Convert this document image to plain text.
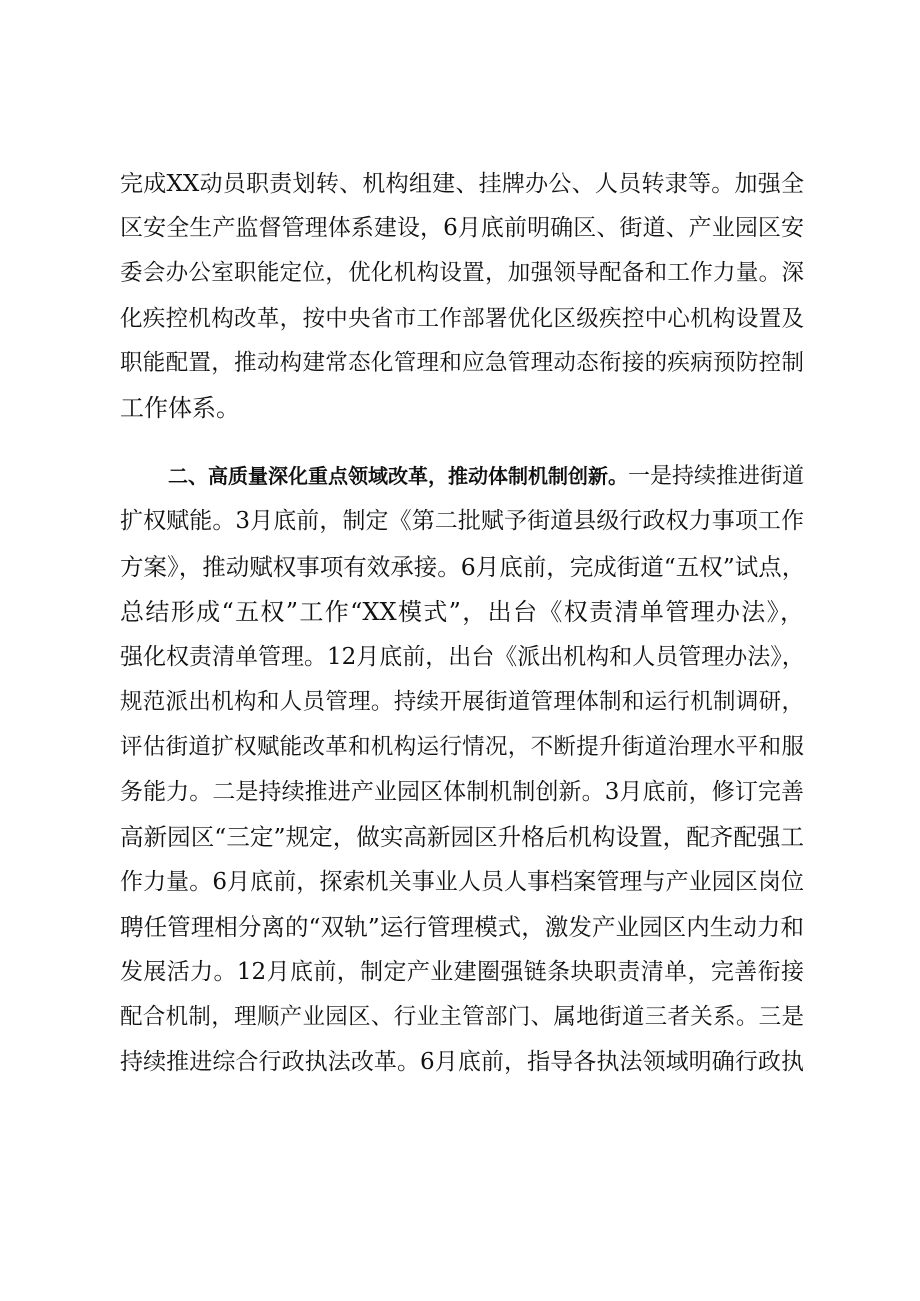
完成XX动员职责划转、机构组建、挂牌办公、人员转隶等。加强全
区安全生产监督管理体系建设，6月底前明确区、街道、产业园区安
委会办公室职能定位，优化机构设置，加强领导配备和工作力量。深
化疾控机构改革，按中央省市工作部署优化区级疾控中心机构设置及
职能配置，推动构建常态化管理和应急管理动态衔接的疾病预防控制
工作体系。
二、高质量深化重点领域改革，推动体制机制创新。一是持续推进街道
扩权赋能。3月底前，制定《第二批赋予街道县级行政权力事项工作
方案》，推动赋权事项有效承接。6月底前，完成街道“五权”试点，
总结形成“五权”工作“XX模式”，出台《权责清单管理办法》，
强化权责清单管理。12月底前，出台《派出机构和人员管理办法》，
规范派出机构和人员管理。持续开展街道管理体制和运行机制调研，
评估街道扩权赋能改革和机构运行情况，不断提升街道治理水平和服
务能力。二是持续推进产业园区体制机制创新。3月底前，修订完善
高新园区“三定”规定，做实高新园区升格后机构设置，配齐配强工
作力量。6月底前，探索机关事业人员人事档案管理与产业园区岗位
聘任管理相分离的“双轨”运行管理模式，激发产业园区内生动力和
发展活力。12月底前，制定产业建圈强链条块职责清单，完善衔接
配合机制，理顺产业园区、行业主管部门、属地街道三者关系。三是
持续推进综合行政执法改革。6月底前，指导各执法领域明确行政执
